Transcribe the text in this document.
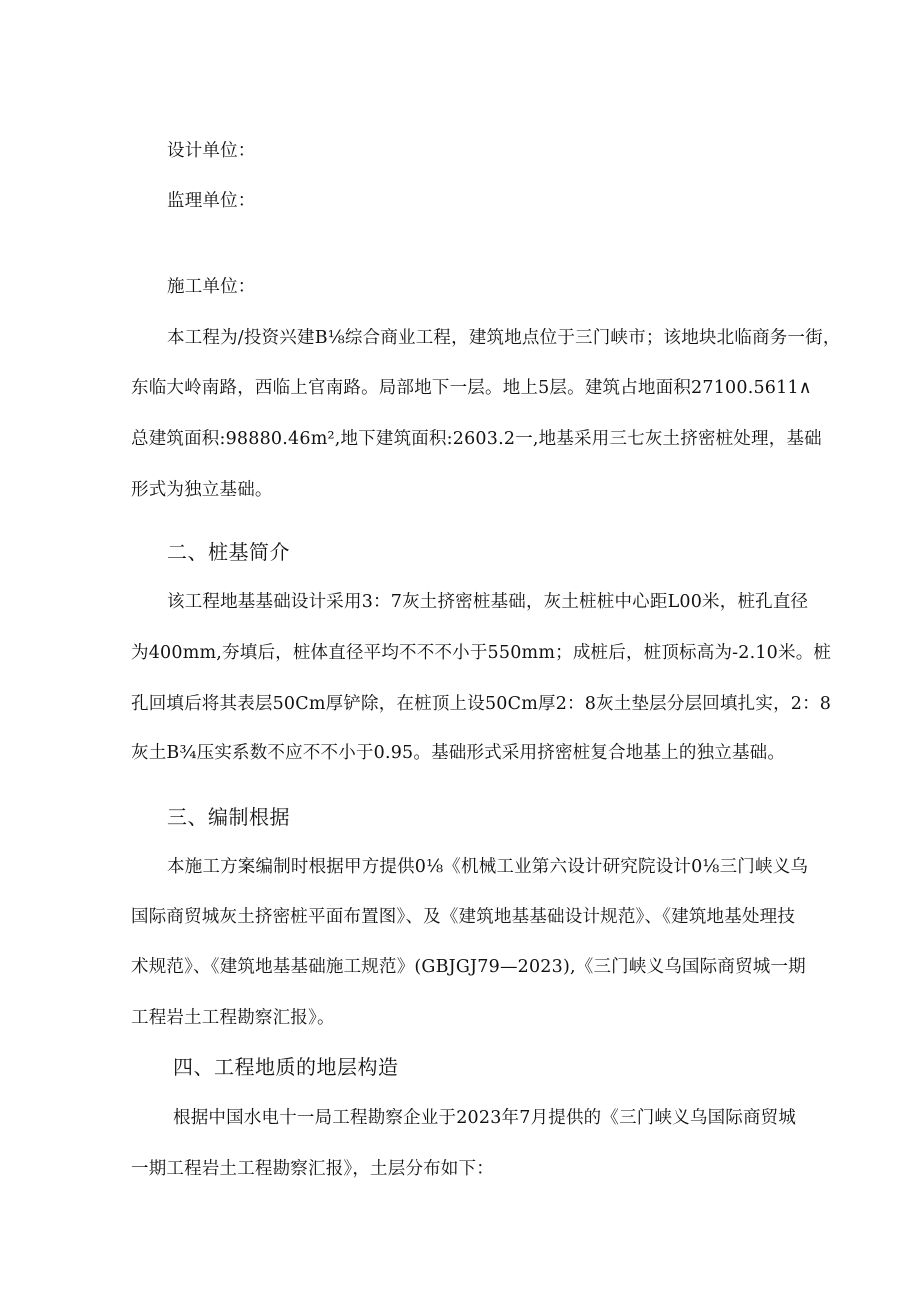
设计单位：
监理单位：
施工单位：
本工程为/投资兴建B⅛综合商业工程，建筑地点位于三门峡市；该地块北临商务一街，
东临大岭南路，西临上官南路。局部地下一层。地上5层。建筑占地面积27100.5611∧
总建筑面积:98880.46m²,地下建筑面积:2603.2一,地基采用三七灰土挤密桩处理，基础
形式为独立基础。
二、桩基简介
该工程地基基础设计采用3：7灰土挤密桩基础，灰土桩桩中心距L00米，桩孔直径
为400mm,夯填后，桩体直径平均不不不小于550mm；成桩后，桩顶标高为-2.10米。桩
孔回填后将其表层50Cm厚铲除，在桩顶上设50Cm厚2：8灰土垫层分层回填扎实，2：8
灰土B¾压实系数不应不不小于0.95。基础形式采用挤密桩复合地基上的独立基础。
三、编制根据
本施工方案编制时根据甲方提供0⅛《机械工业第六设计研究院设计0⅛三门峡义乌
国际商贸城灰土挤密桩平面布置图》、及《建筑地基基础设计规范》、《建筑地基处理技
术规范》、《建筑地基基础施工规范》(GBJGJ79—2023),《三门峡义乌国际商贸城一期
工程岩土工程勘察汇报》。
四、工程地质的地层构造
根据中国水电十一局工程勘察企业于2023年7月提供的《三门峡义乌国际商贸城
一期工程岩土工程勘察汇报》，土层分布如下：
